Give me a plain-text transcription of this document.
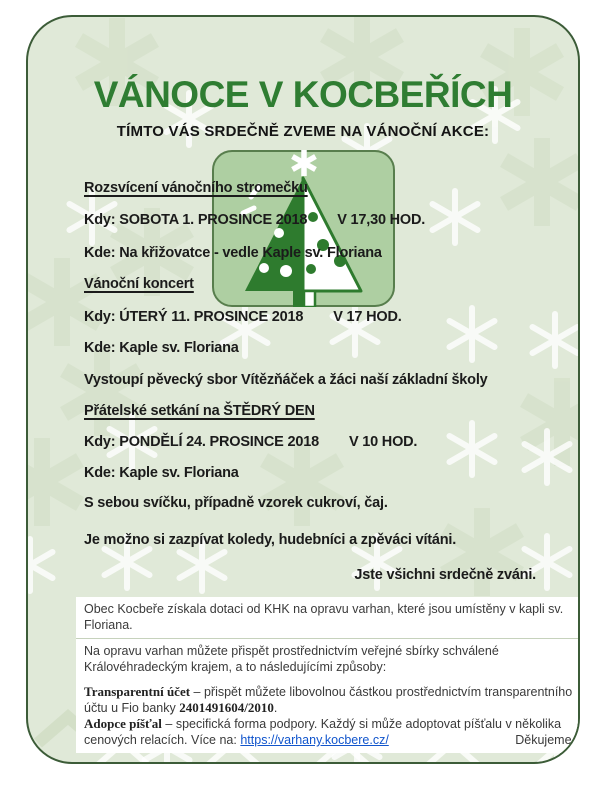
VÁNOCE V KOCBEŘÍCH
TÍMTO VÁS SRDEČNĚ ZVEME NA VÁNOČNÍ AKCE:
Rozsvícení vánočního stromečku
Kdy: SOBOTA 1. PROSINCE 2018 V 17,30 HOD.
Kde: Na křižovatce - vedle Kaple sv. Floriana
Vánoční koncert
Kdy: ÚTERÝ 11. PROSINCE 2018 V 17 HOD.
Kde: Kaple sv. Floriana
Vystoupí pěvecký sbor Vítězňáček a žáci naší základní školy
Přátelské setkání na ŠTĚDRÝ DEN
Kdy: PONDĚLÍ 24. PROSINCE 2018 V 10 HOD.
Kde: Kaple sv. Floriana
S sebou svíčku, případně vzorek cukroví, čaj.
Je možno si zazpívat koledy, hudebníci a zpěváci vítáni.
Jste všichni srdečně zváni.

Obec Kocbeře získala dotaci od KHK na opravu varhan, které jsou umístěny v kapli sv. Floriana.

Na opravu varhan můžete přispět prostřednictvím veřejné sbírky schválené Královéhradeckým krajem, a to následujícími způsoby:

Transparentní účet – přispět můžete libovolnou částkou prostřednictvím transparentního účtu u Fio banky 2401491604/2010.

Adopce píšťal – specifická forma podpory. Každý si může adoptovat píšťalu v několika cenových relacích. Více na: https://varhany.kocbere.cz/	Děkujeme.
